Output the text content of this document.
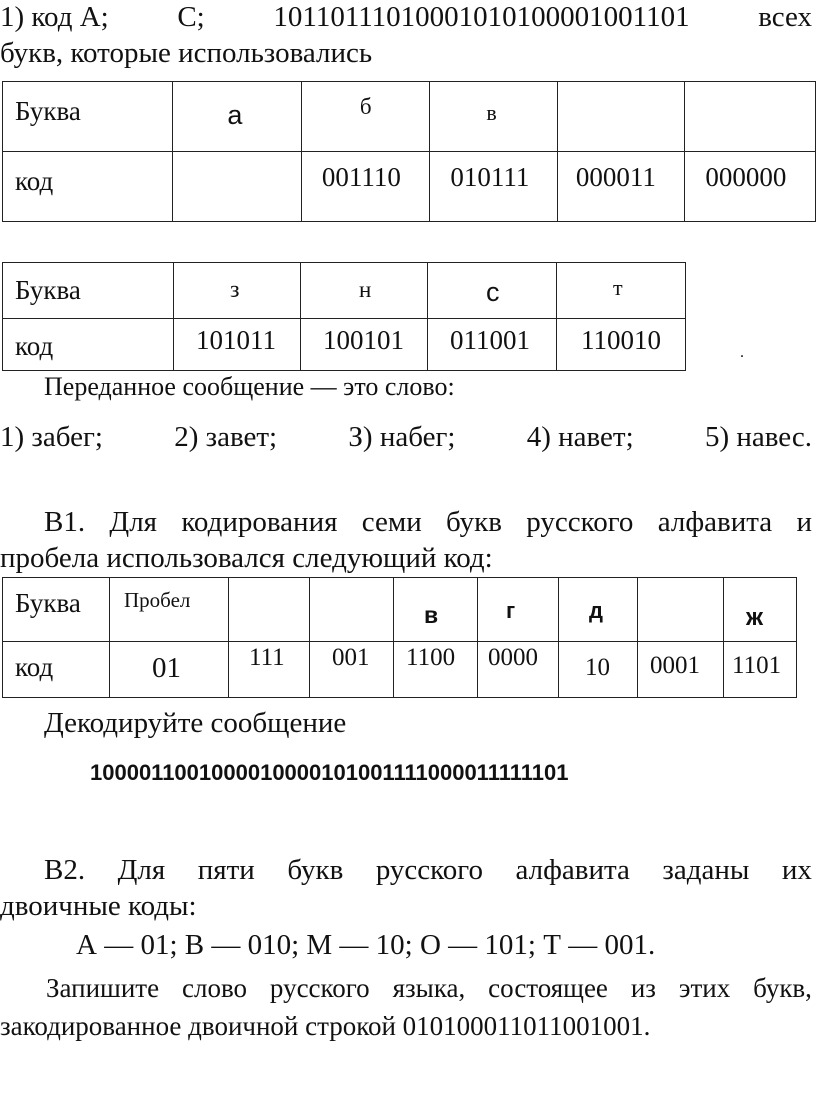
1) код А; С; 10110111010001010100001001101 всех
букв, которые использовались
Буква	а	б	в		

код		001110	010111	000011	000000
Буква	з	н	с	т

код	101011	100101	011001	110010	.
Переданное сообщение — это слово:
1) забег; 2) завет; З) набег; 4) навет; 5) навес.
В1. Для кодирования семи букв русского алфавита и
пробела использовался следующий код:
Буква	Пробел			в	г	д		ж

код	01	111	001	1100	0000	10	0001	1101
Декодируйте сообщение
1000011001000010000101001111000011111101
В2. Для пяти букв русского алфавита заданы их
двоичные коды:
А — 01; В — 010; М — 10; О — 101; Т — 001.
Запишите слово русского языка, состоящее из этих букв,
закодированное двоичной строкой 010100011011001001.
